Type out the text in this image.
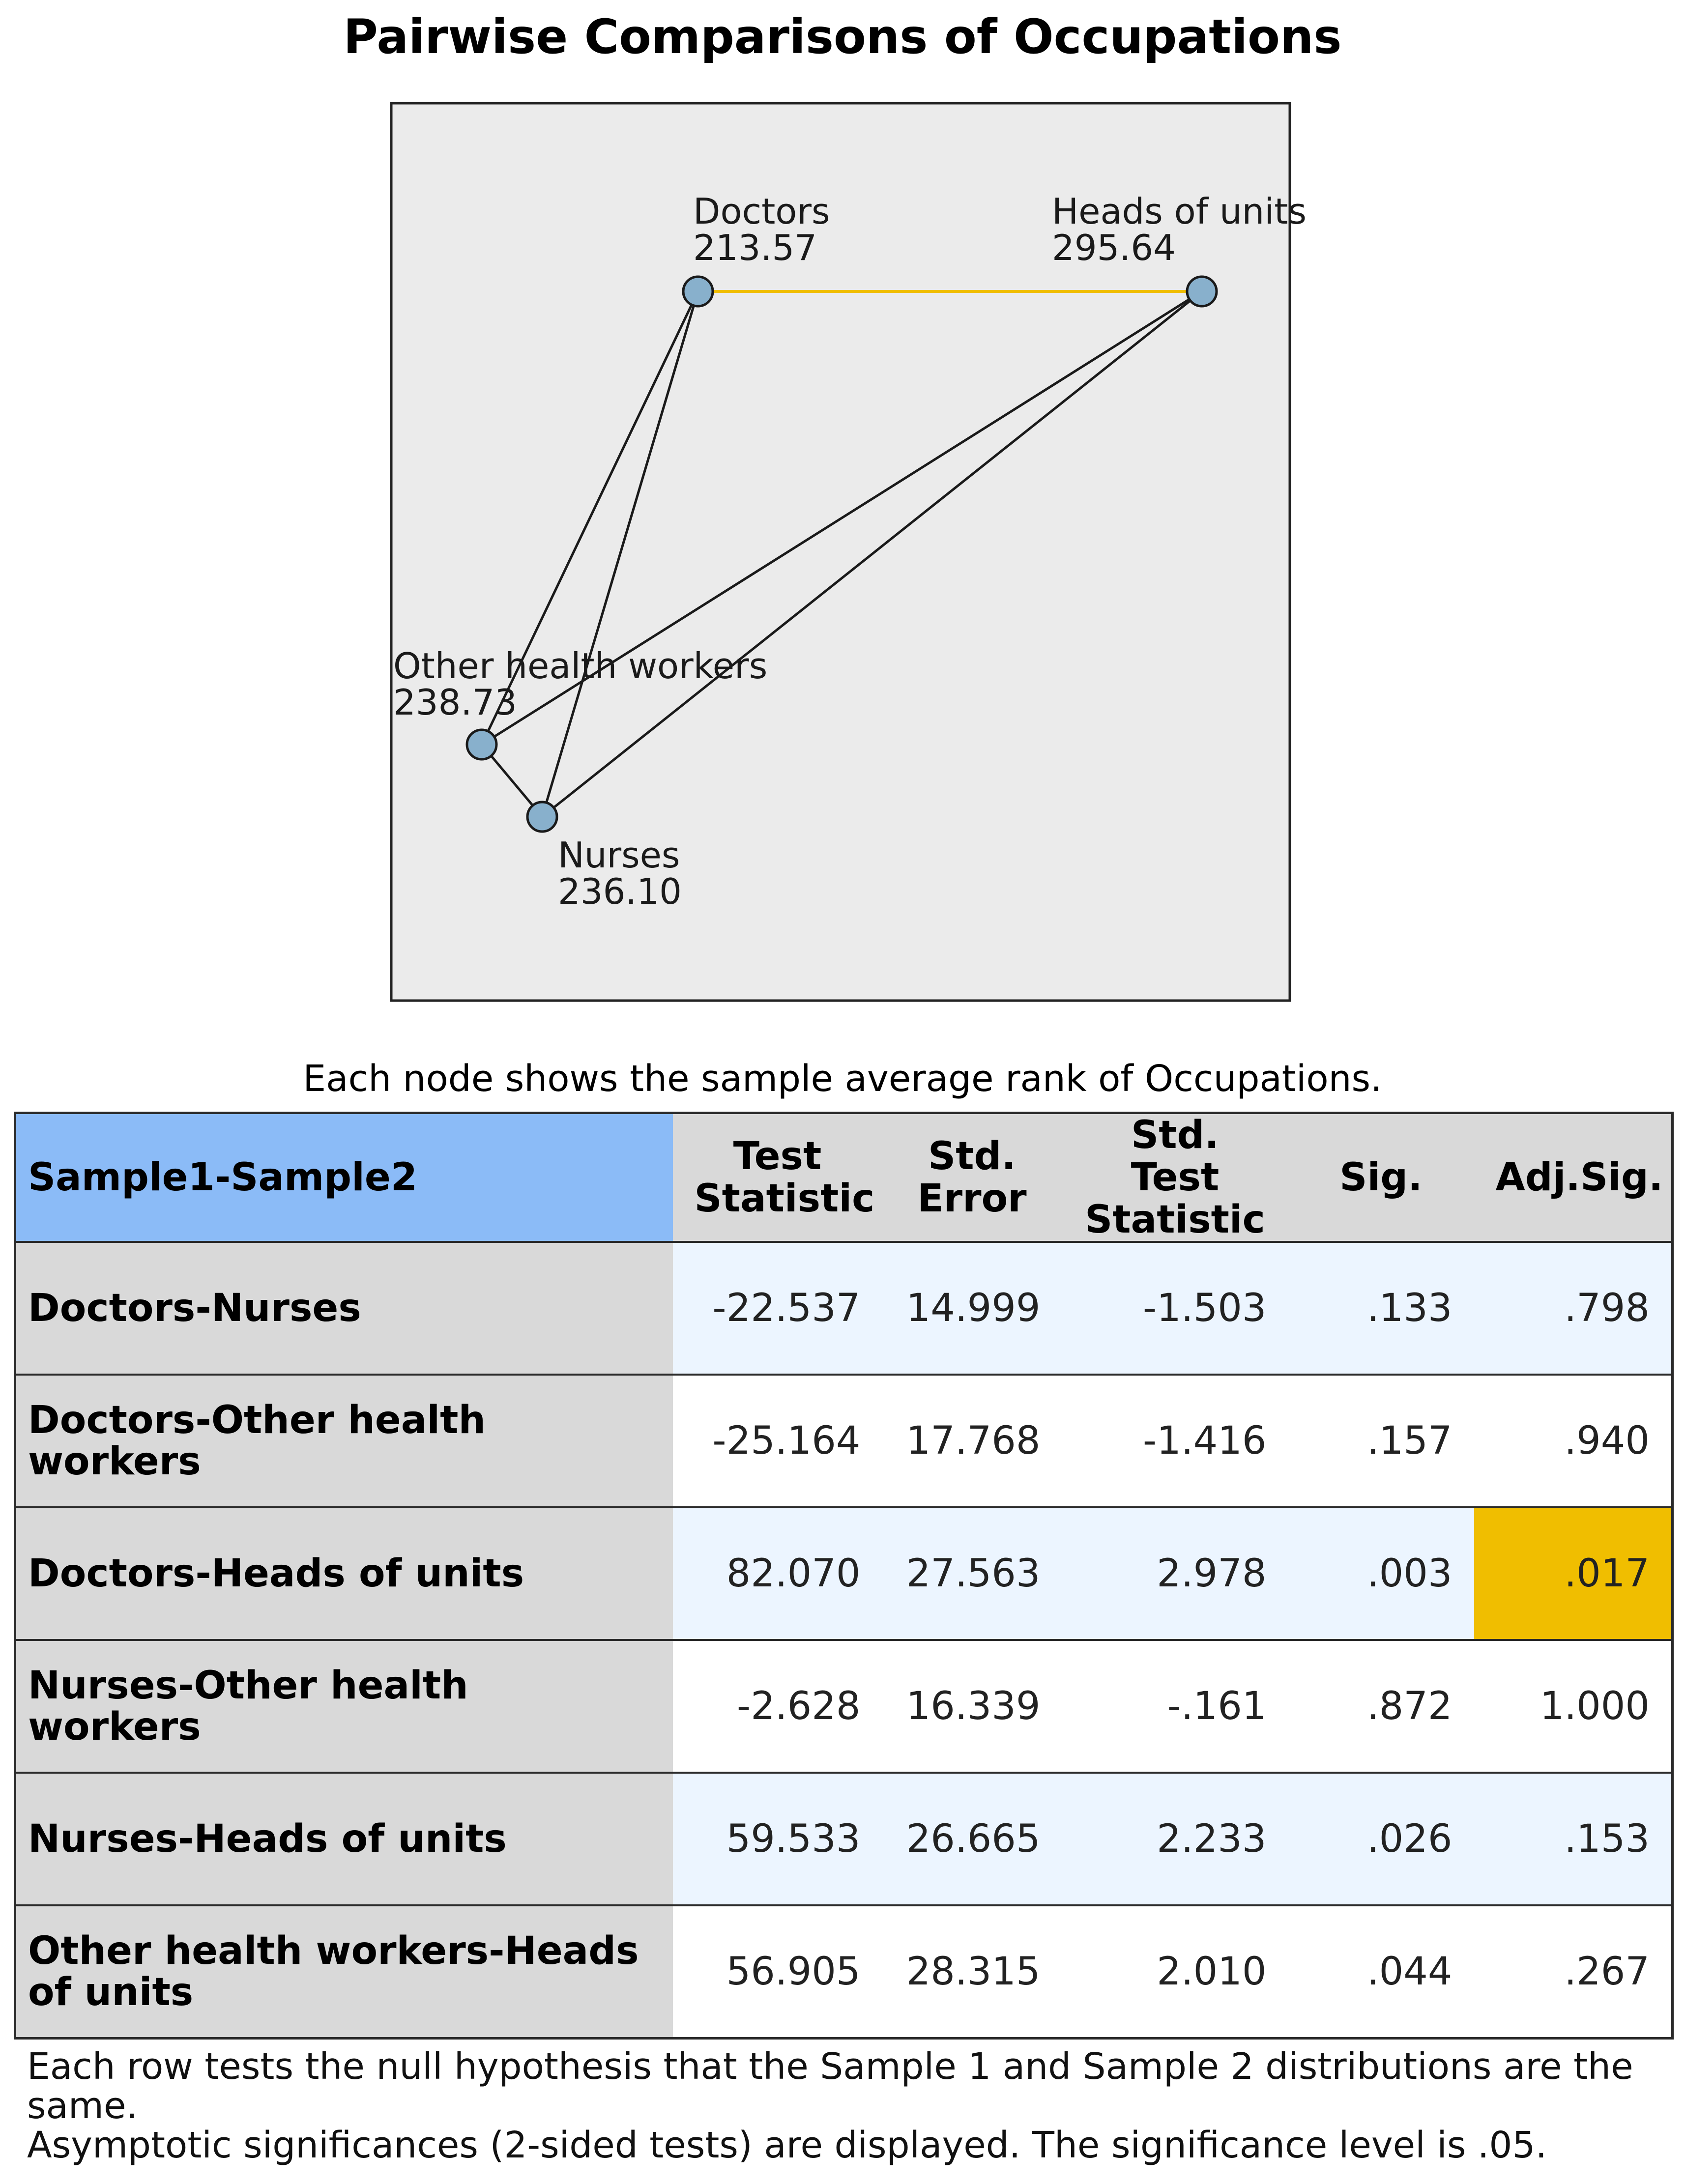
Pairwise Comparisons of Occupations
Doctors
213.57
Heads of units
295.64
Other health workers
238.73
Nurses
236.10
Each node shows the sample average rank of Occupations.
Sample1-Sample2	Test Statistic	Std. Error	Std. Test Statistic	Sig.	Adj.Sig.
Doctors-Nurses	-22.537	14.999	-1.503	.133	.798
Doctors-Other health workers	-25.164	17.768	-1.416	.157	.940
Doctors-Heads of units	82.070	27.563	2.978	.003	.017
Nurses-Other health workers	-2.628	16.339	-.161	.872	1.000
Nurses-Heads of units	59.533	26.665	2.233	.026	.153
Other health workers-Heads of units	56.905	28.315	2.010	.044	.267

Each row tests the null hypothesis that the Sample 1 and Sample 2 distributions are the same.

Asymptotic significances (2-sided tests) are displayed. The significance level is .05.
